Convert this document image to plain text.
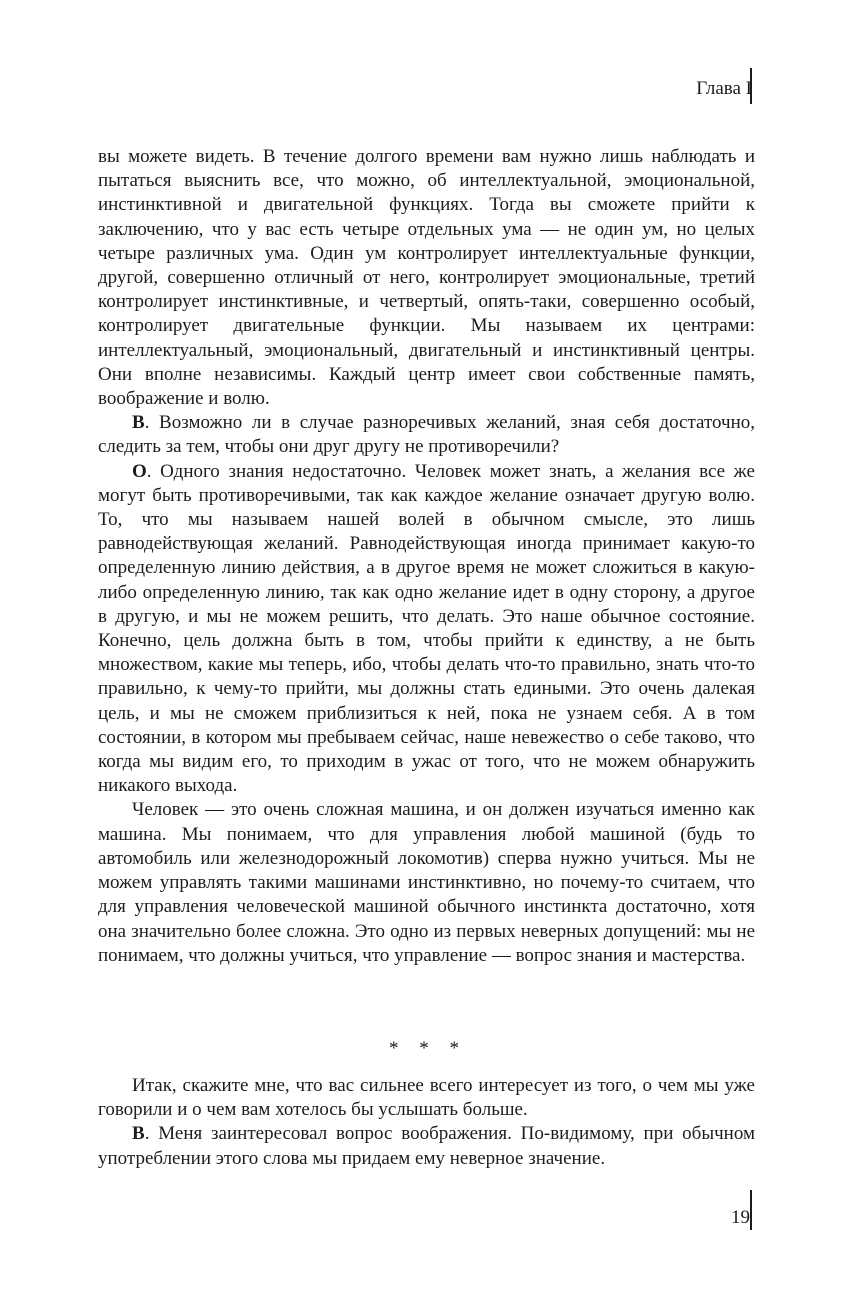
Глава I

вы можете видеть. В течение долгого времени вам нужно лишь наблюдать и пытаться выяснить все, что можно, об интеллектуальной, эмоциональной, инстинктивной и двигательной функциях. Тогда вы сможете прийти к заключению, что у вас есть четыре отдельных ума — не один ум, но целых четыре различных ума. Один ум контролирует интеллектуальные функции, другой, совершенно отличный от него, контролирует эмоциональные, третий контролирует инстинктивные, и четвертый, опять-таки, совершенно особый, контролирует двигательные функции. Мы называем их центрами: интеллектуальный, эмоциональный, двигательный и инстинктивный центры. Они вполне независимы. Каждый центр имеет свои собственные память, воображение и волю.

В. Возможно ли в случае разноречивых желаний, зная себя достаточно, следить за тем, чтобы они друг другу не противоречили?

О. Одного знания недостаточно. Человек может знать, а желания все же могут быть противоречивыми, так как каждое желание означает другую волю. То, что мы называем нашей волей в обычном смысле, это лишь равнодействующая желаний. Равнодействующая иногда принимает какую-то определенную линию действия, а в другое время не может сложиться в какую-либо определенную линию, так как одно желание идет в одну сторону, а другое в другую, и мы не можем решить, что делать. Это наше обычное состояние. Конечно, цель должна быть в том, чтобы прийти к единству, а не быть множеством, какие мы теперь, ибо, чтобы делать что-то правильно, знать что-то правильно, к чему-то прийти, мы должны стать едиными. Это очень далекая цель, и мы не сможем приблизиться к ней, пока не узнаем себя. А в том состоянии, в котором мы пребываем сейчас, наше невежество о себе таково, что когда мы видим его, то приходим в ужас от того, что не можем обнаружить никакого выхода.

Человек — это очень сложная машина, и он должен изучаться именно как машина. Мы понимаем, что для управления любой машиной (будь то автомобиль или железнодорожный локомотив) сперва нужно учиться. Мы не можем управлять такими машинами инстинктивно, но почему-то считаем, что для управления человеческой машиной обычного инстинкта достаточно, хотя она значительно более сложна. Это одно из первых неверных допущений: мы не понимаем, что должны учиться, что управление — вопрос знания и мастерства.

* * *

Итак, скажите мне, что вас сильнее всего интересует из того, о чем мы уже говорили и о чем вам хотелось бы услышать больше.

В. Меня заинтересовал вопрос воображения. По-видимому, при обычном употреблении этого слова мы придаем ему неверное значение.

19
